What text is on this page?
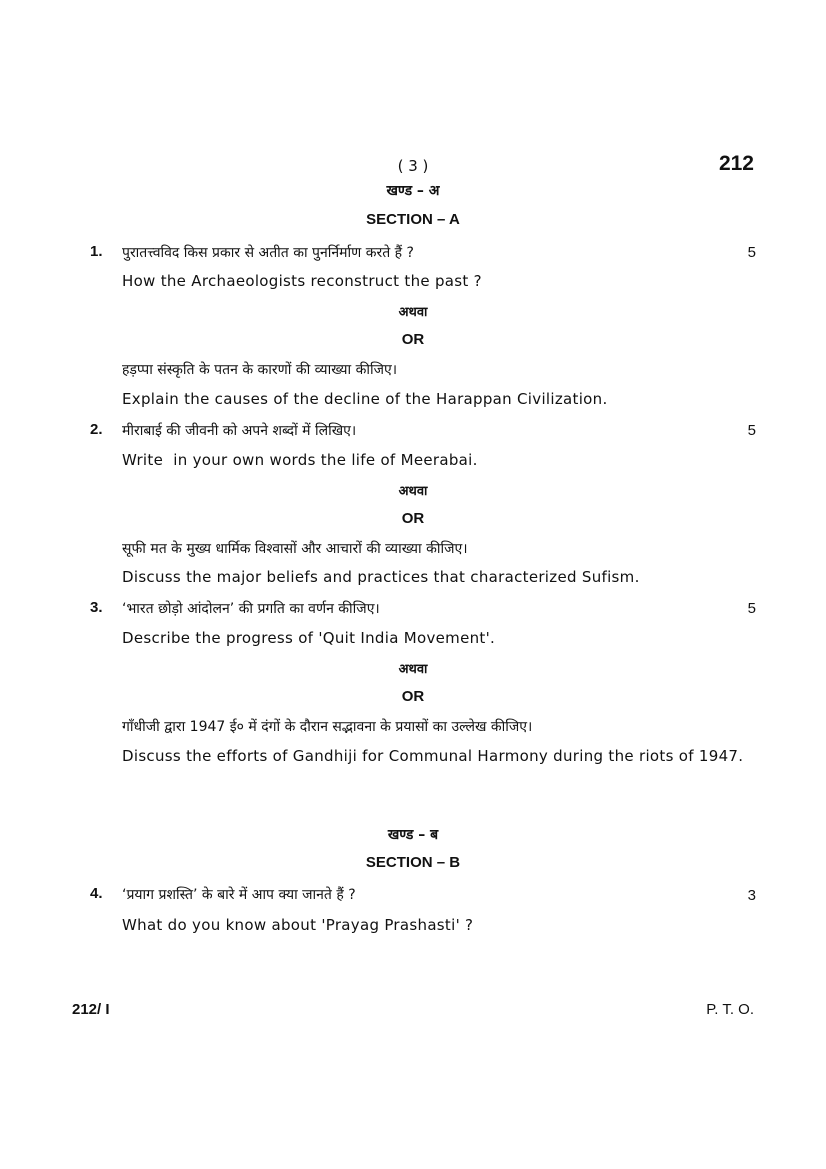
( 3 )	212
खण्ड – अ
SECTION – A
1. पुरातत्त्वविद किस प्रकार से अतीत का पुनर्निर्माण करते हैं ?	5
How the Archaeologists reconstruct the past ?
अथवा
OR
हड़प्पा संस्कृति के पतन के कारणों की व्याख्या कीजिए।
Explain the causes of the decline of the Harappan Civilization.
2. मीराबाई की जीवनी को अपने शब्दों में लिखिए।	5
Write  in your own words the life of Meerabai.
अथवा
OR
सूफी मत के मुख्य धार्मिक विश्वासों और आचारों की व्याख्या कीजिए।
Discuss the major beliefs and practices that characterized Sufism.
3. ‘भारत छोड़ो आंदोलन’ की प्रगति का वर्णन कीजिए।	5
Describe the progress of 'Quit India Movement'.
अथवा
OR
गाँधीजी द्वारा 1947 ई० में दंगों के दौरान सद्भावना के प्रयासों का उल्लेख कीजिए।
Discuss the efforts of Gandhiji for Communal Harmony during the riots of 1947.
खण्ड – ब
SECTION – B
4. ‘प्रयाग प्रशस्ति’ के बारे में आप क्या जानते हैं ?	3
What do you know about 'Prayag Prashasti' ?
212/ I	P. T. O.
